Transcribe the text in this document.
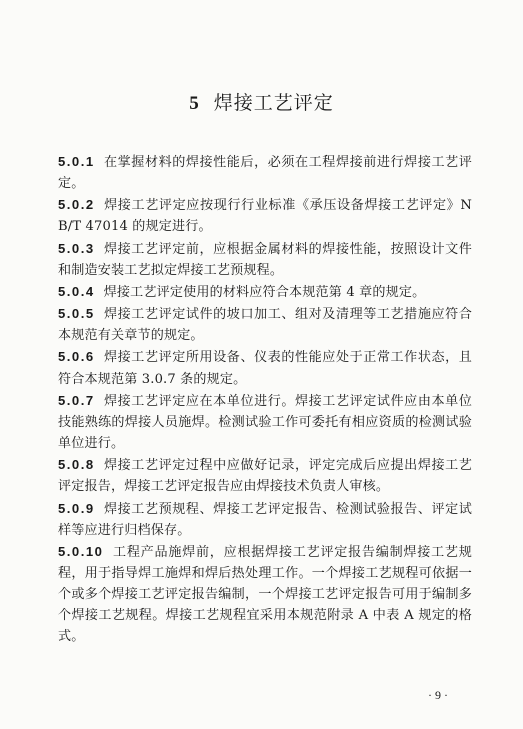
5 焊接工艺评定

5.0.1 在掌握材料的焊接性能后，必须在工程焊接前进行焊接工艺评定。

5.0.2 焊接工艺评定应按现行行业标准《承压设备焊接工艺评定》NB/T 47014 的规定进行。

5.0.3 焊接工艺评定前，应根据金属材料的焊接性能，按照设计文件和制造安装工艺拟定焊接工艺预规程。

5.0.4 焊接工艺评定使用的材料应符合本规范第 4 章的规定。

5.0.5 焊接工艺评定试件的坡口加工、组对及清理等工艺措施应符合本规范有关章节的规定。

5.0.6 焊接工艺评定所用设备、仪表的性能应处于正常工作状态，且符合本规范第 3.0.7 条的规定。

5.0.7 焊接工艺评定应在本单位进行。焊接工艺评定试件应由本单位技能熟练的焊接人员施焊。检测试验工作可委托有相应资质的检测试验单位进行。

5.0.8 焊接工艺评定过程中应做好记录，评定完成后应提出焊接工艺评定报告，焊接工艺评定报告应由焊接技术负责人审核。

5.0.9 焊接工艺预规程、焊接工艺评定报告、检测试验报告、评定试样等应进行归档保存。

5.0.10 工程产品施焊前，应根据焊接工艺评定报告编制焊接工艺规程，用于指导焊工施焊和焊后热处理工作。一个焊接工艺规程可依据一个或多个焊接工艺评定报告编制，一个焊接工艺评定报告可用于编制多个焊接工艺规程。焊接工艺规程宜采用本规范附录 A 中表 A 规定的格式。

· 9 ·
